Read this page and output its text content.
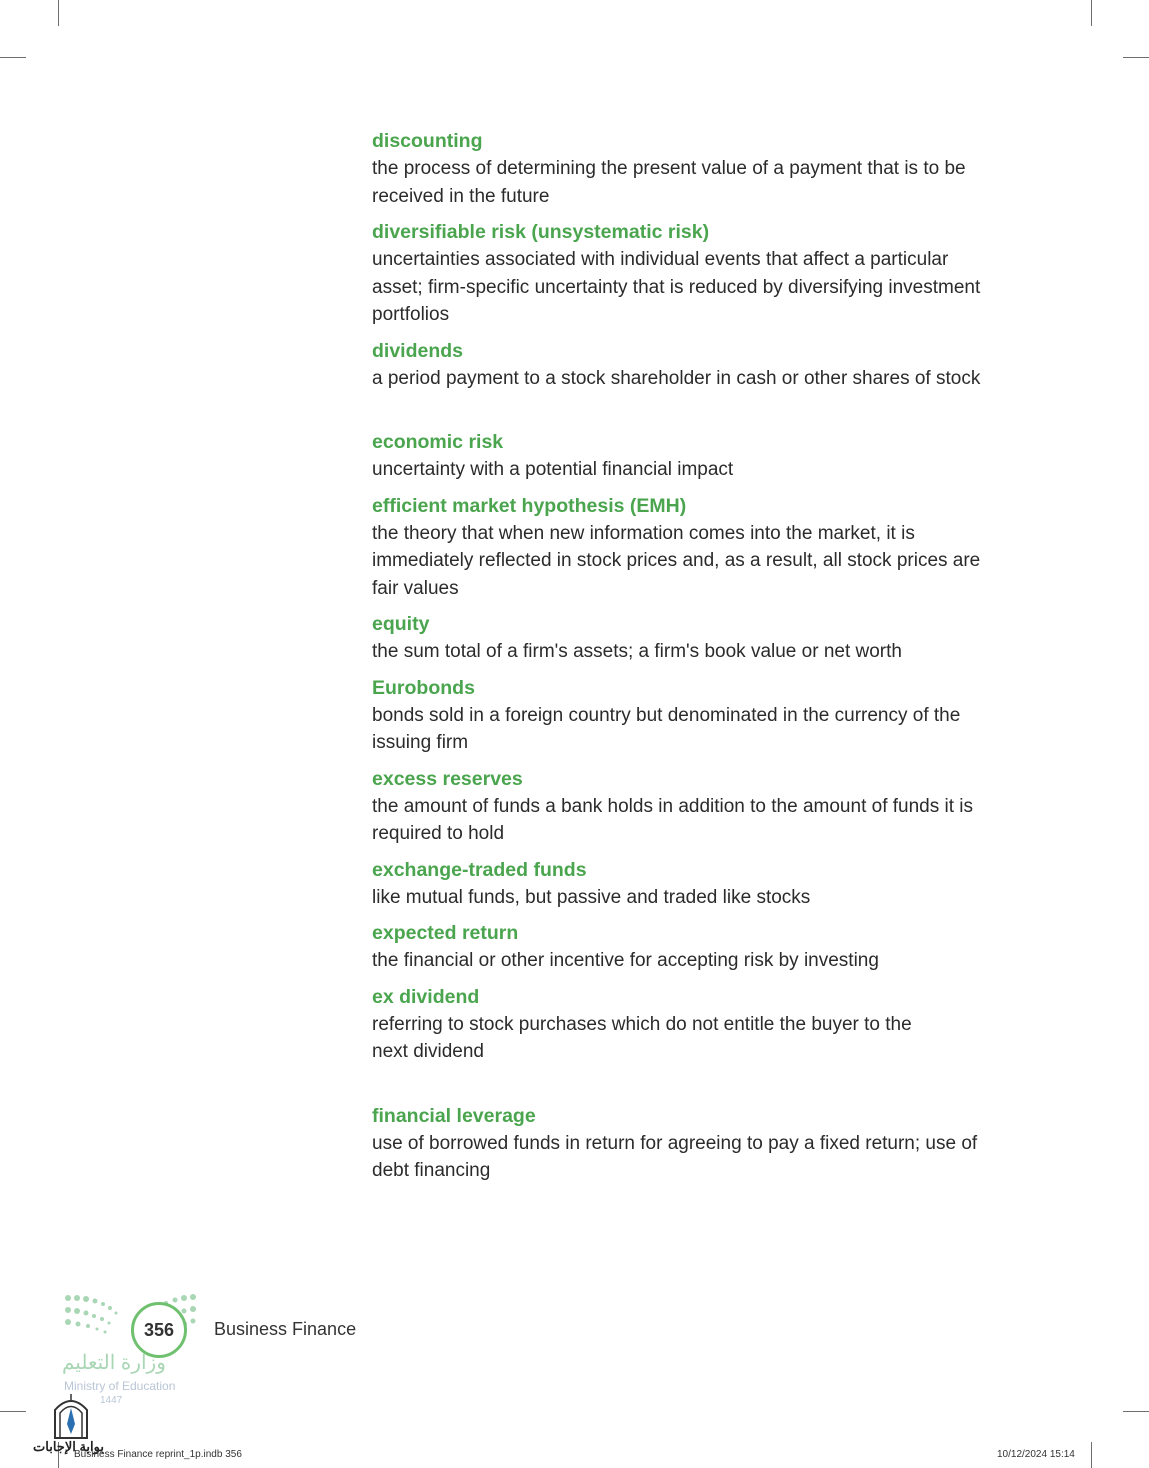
discounting

the process of determining the present value of a payment that is to be received in the future

diversifiable risk (unsystematic risk)

uncertainties associated with individual events that affect a particular asset; firm-specific uncertainty that is reduced by diversifying investment portfolios

dividends

a period payment to a stock shareholder in cash or other shares of stock

economic risk

uncertainty with a potential financial impact

efficient market hypothesis (EMH)

the theory that when new information comes into the market, it is immediately reflected in stock prices and, as a result, all stock prices are fair values

equity

the sum total of a firm's assets; a firm's book value or net worth

Eurobonds

bonds sold in a foreign country but denominated in the currency of the issuing firm

excess reserves

the amount of funds a bank holds in addition to the amount of funds it is required to hold

exchange-traded funds

like mutual funds, but passive and traded like stocks

expected return

the financial or other incentive for accepting risk by investing

ex dividend

referring to stock purchases which do not entitle the buyer to the next dividend

financial leverage

use of borrowed funds in return for agreeing to pay a fixed return; use of debt financing

356	Business Finance
وزارة التعليم
Ministry of Education
1447
بوابة الإجابات
Business Finance reprint_1p.indb 356	10/12/2024 15:14
